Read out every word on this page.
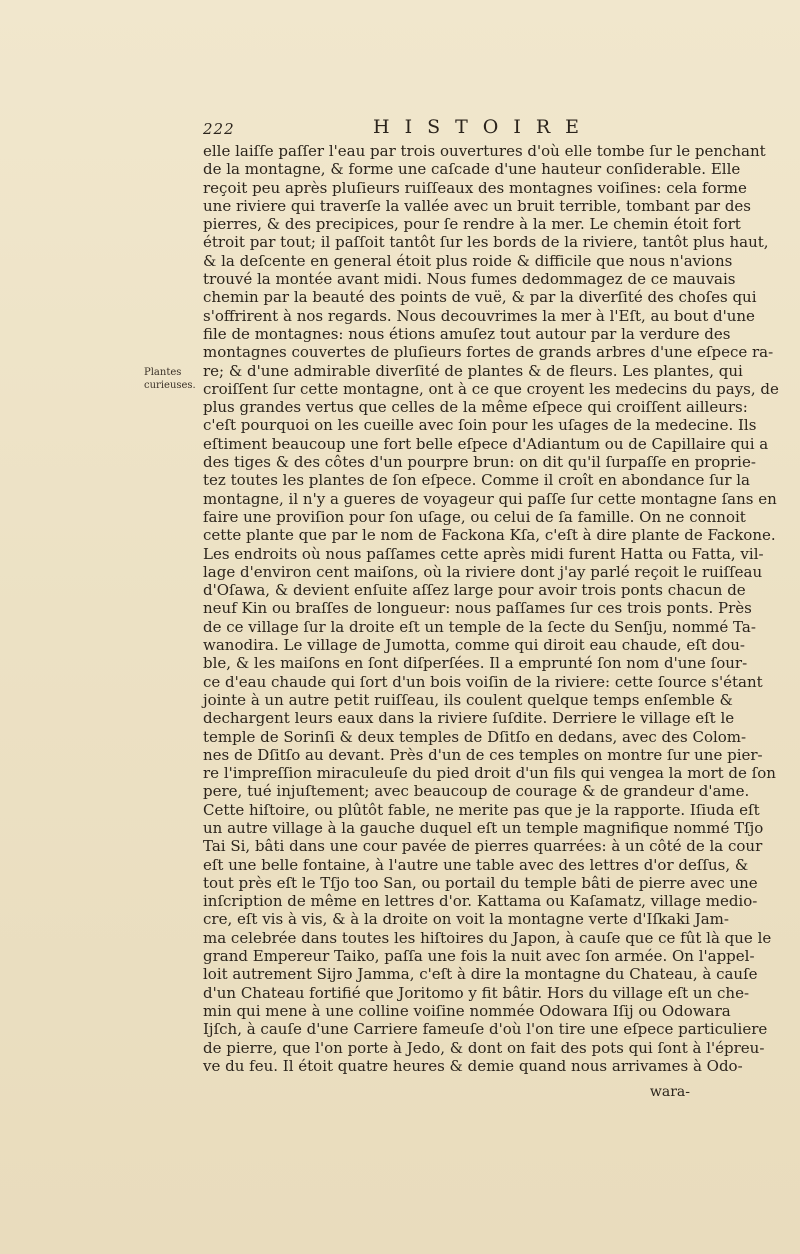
222	HISTOIRE
Plantes curieuses.
elle laiſſe paſſer l'eau par trois ouvertures d'où elle tombe ſur le penchant
de la montagne, & forme une caſcade d'une hauteur conſiderable. Elle
reçoit peu après pluſieurs ruiſſeaux des montagnes voiſines: cela forme
une riviere qui traverſe la vallée avec un bruit terrible, tombant par des
pierres, & des precipices, pour ſe rendre à la mer. Le chemin étoit fort
étroit par tout; il paſſoit tantôt ſur les bords de la riviere, tantôt plus haut,
& la deſcente en general étoit plus roide & difficile que nous n'avions
trouvé la montée avant midi. Nous fumes dedommagez de ce mauvais
chemin par la beauté des points de vuë, & par la diverſité des choſes qui
s'offrirent à nos regards. Nous decouvrimes la mer à l'Eſt, au bout d'une
file de montagnes: nous étions amuſez tout autour par la verdure des
montagnes couvertes de pluſieurs fortes de grands arbres d'une eſpece ra-
re; & d'une admirable diverſité de plantes & de fleurs. Les plantes, qui
croiſſent ſur cette montagne, ont à ce que croyent les medecins du pays, de
plus grandes vertus que celles de la même eſpece qui croiſſent ailleurs:
c'eſt pourquoi on les cueille avec ſoin pour les uſages de la medecine. Ils
eſtiment beaucoup une fort belle eſpece d'Adiantum ou de Capillaire qui a
des tiges & des côtes d'un pourpre brun: on dit qu'il ſurpaſſe en proprie-
tez toutes les plantes de ſon eſpece. Comme il croît en abondance ſur la
montagne, il n'y a gueres de voyageur qui paſſe ſur cette montagne ſans en
faire une proviſion pour ſon uſage, ou celui de ſa famille. On ne connoit
cette plante que par le nom de Fackona Kſa, c'eſt à dire plante de Fackone.
Les endroits où nous paſſames cette après midi furent Hatta ou Fatta, vil-
lage d'environ cent maiſons, où la riviere dont j'ay parlé reçoit le ruiſſeau
d'Oſawa, & devient enſuite aſſez large pour avoir trois ponts chacun de
neuf Kin ou braſſes de longueur: nous paſſames ſur ces trois ponts. Près
de ce village ſur la droite eſt un temple de la ſecte du Senſju, nommé Ta-
wanodira. Le village de Jumotta, comme qui diroit eau chaude, eſt dou-
ble, & les maiſons en ſont diſperſées. Il a emprunté ſon nom d'une ſour-
ce d'eau chaude qui ſort d'un bois voiſin de la riviere: cette ſource s'étant
jointe à un autre petit ruiſſeau, ils coulent quelque temps enſemble &
dechargent leurs eaux dans la riviere ſuſdite. Derriere le village eſt le
temple de Sorinſi & deux temples de Dſitſo en dedans, avec des Colom-
nes de Dſitſo au devant. Près d'un de ces temples on montre ſur une pier-
re l'impreſſion miraculeuſe du pied droit d'un fils qui vengea la mort de ſon
pere, tué injuſtement; avec beaucoup de courage & de grandeur d'ame.
Cette hiſtoire, ou plûtôt fable, ne merite pas que je la rapporte. Iſiuda eſt
un autre village à la gauche duquel eſt un temple magnifique nommé Tſjo
Tai Si, bâti dans une cour pavée de pierres quarrées: à un côté de la cour
eſt une belle fontaine, à l'autre une table avec des lettres d'or deſſus, &
tout près eſt le Tſjo too San, ou portail du temple bâti de pierre avec une
inſcription de même en lettres d'or. Kattama ou Kaſamatz, village medio-
cre, eſt vis à vis, & à la droite on voit la montagne verte d'Iſkaki Jam-
ma celebrée dans toutes les hiſtoires du Japon, à cauſe que ce fût là que le
grand Empereur Taiko, paſſa une fois la nuit avec ſon armée. On l'appel-
loit autrement Sijro Jamma, c'eſt à dire la montagne du Chateau, à cauſe
d'un Chateau fortifié que Joritomo y fit bâtir. Hors du village eſt un che-
min qui mene à une colline voiſine nommée Odowara Iſij ou Odowara
Ijſch, à cauſe d'une Carriere fameuſe d'où l'on tire une eſpece particuliere
de pierre, que l'on porte à Jedo, & dont on fait des pots qui ſont à l'épreu-
ve du feu. Il étoit quatre heures & demie quand nous arrivames à Odo-
wara-
